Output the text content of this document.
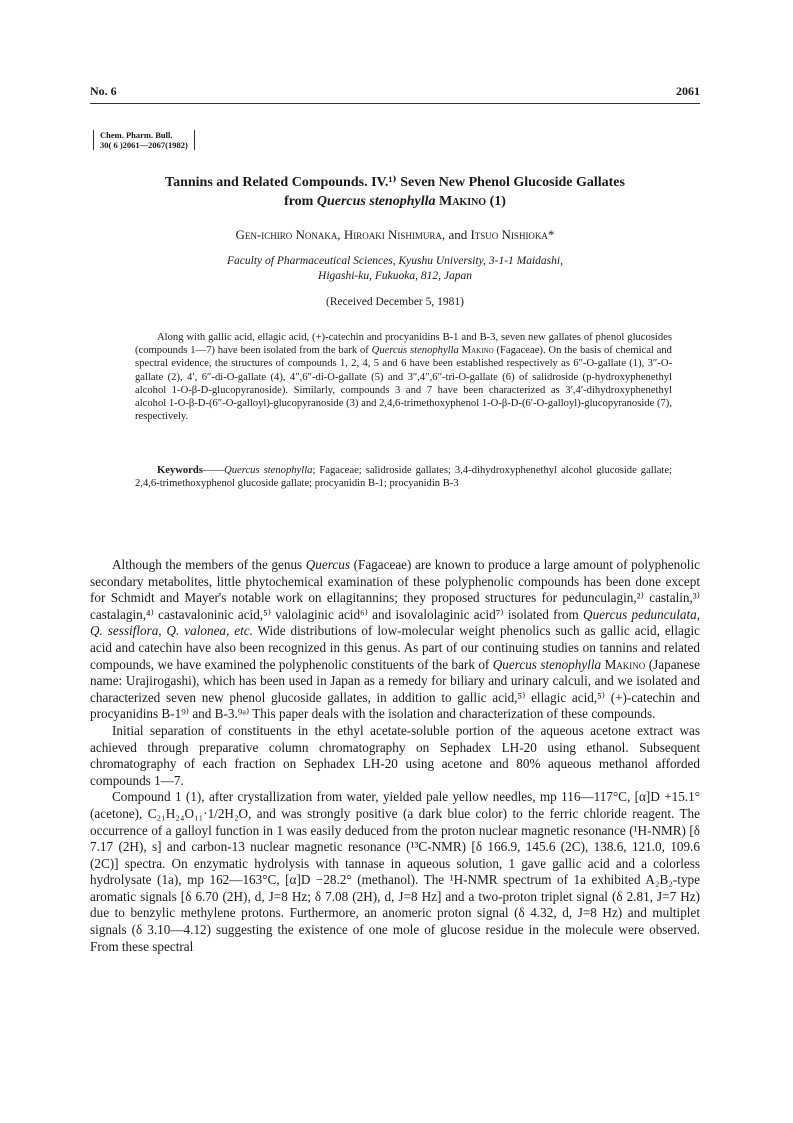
No. 6	2061
Chem. Pharm. Bull.
30( 6 )2061—2067(1982)
Tannins and Related Compounds. IV.¹⁾ Seven New Phenol Glucoside Gallates
from Quercus stenophylla Makino (1)
Gen-ichiro Nonaka, Hiroaki Nishimura, and Itsuo Nishioka*
Faculty of Pharmaceutical Sciences, Kyushu University, 3-1-1 Maidashi,
Higashi-ku, Fukuoka, 812, Japan
(Received December 5, 1981)

Along with gallic acid, ellagic acid, (+)-catechin and procyanidins B-1 and B-3, seven new gallates of phenol glucosides (compounds 1—7) have been isolated from the bark of Quercus stenophylla Makino (Fagaceae). On the basis of chemical and spectral evidence, the structures of compounds 1, 2, 4, 5 and 6 have been established respectively as 6″-O-gallate (1), 3″-O-gallate (2), 4′, 6″-di-O-gallate (4), 4″,6″-di-O-gallate (5) and 3″,4″,6″-tri-O-gallate (6) of salidroside (p-hydroxyphenethyl alcohol 1-O-β-D-glucopyranoside). Similarly, compounds 3 and 7 have been characterized as 3′,4′-dihydroxyphenethyl alcohol 1-O-β-D-(6″-O-galloyl)-glucopyranoside (3) and 2,4,6-trimethoxyphenol 1-O-β-D-(6′-O-galloyl)-glucopyranoside (7), respectively.

Keywords——Quercus stenophylla; Fagaceae; salidroside gallates; 3,4-dihydroxyphenethyl alcohol glucoside gallate; 2,4,6-trimethoxyphenol glucoside gallate; procyanidin B-1; procyanidin B-3

Although the members of the genus Quercus (Fagaceae) are known to produce a large amount of polyphenolic secondary metabolites, little phytochemical examination of these polyphenolic compounds has been done except for Schmidt and Mayer's notable work on ellagitannins; they proposed structures for pedunculagin,²⁾ castalin,³⁾ castalagin,⁴⁾ castavaloninic acid,⁵⁾ valolaginic acid⁶⁾ and isovalolaginic acid⁷⁾ isolated from Quercus pedunculata, Q. sessiflora, Q. valonea, etc. Wide distributions of low-molecular weight phenolics such as gallic acid, ellagic acid and catechin have also been recognized in this genus. As part of our continuing studies on tannins and related compounds, we have examined the polyphenolic constituents of the bark of Quercus stenophylla Makino (Japanese name: Urajirogashi), which has been used in Japan as a remedy for biliary and urinary calculi, and we isolated and characterized seven new phenol glucoside gallates, in addition to gallic acid,⁵⁾ ellagic acid,⁵⁾ (+)-catechin and procyanidins B-1⁹⁾ and B-3.⁹ᵃ⁾ This paper deals with the isolation and characterization of these compounds.

Initial separation of constituents in the ethyl acetate-soluble portion of the aqueous acetone extract was achieved through preparative column chromatography on Sephadex LH-20 using ethanol. Subsequent chromatography of each fraction on Sephadex LH-20 using acetone and 80% aqueous methanol afforded compounds 1—7.

Compound 1 (1), after crystallization from water, yielded pale yellow needles, mp 116—117°C, [α]D +15.1° (acetone), C₂₁H₂₄O₁₁·1/2H₂O, and was strongly positive (a dark blue color) to the ferric chloride reagent. The occurrence of a galloyl function in 1 was easily deduced from the proton nuclear magnetic resonance (¹H-NMR) [δ 7.17 (2H), s] and carbon-13 nuclear magnetic resonance (¹³C-NMR) [δ 166.9, 145.6 (2C), 138.6, 121.0, 109.6 (2C)] spectra. On enzymatic hydrolysis with tannase in aqueous solution, 1 gave gallic acid and a colorless hydrolysate (1a), mp 162—163°C, [α]D −28.2° (methanol). The ¹H-NMR spectrum of 1a exhibited A₂B₂-type aromatic signals [δ 6.70 (2H), d, J=8 Hz; δ 7.08 (2H), d, J=8 Hz] and a two-proton triplet signal (δ 2.81, J=7 Hz) due to benzylic methylene protons. Furthermore, an anomeric proton signal (δ 4.32, d, J=8 Hz) and multiplet signals (δ 3.10—4.12) suggesting the existence of one mole of glucose residue in the molecule were observed. From these spectral
